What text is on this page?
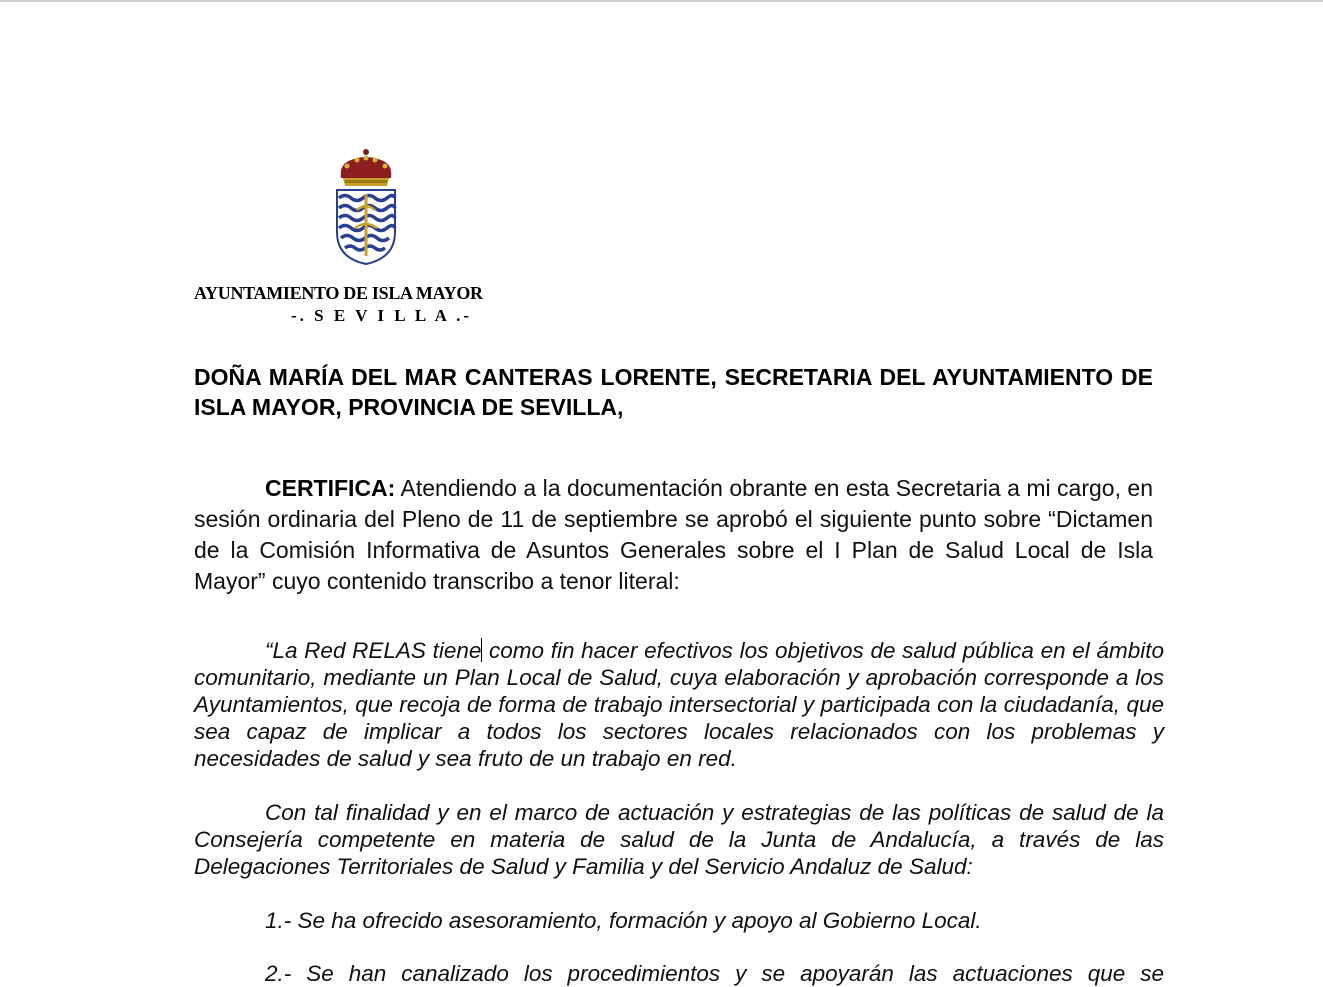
AYUNTAMIENTO DE ISLA MAYOR
-. S E V I L L A .-
DOÑA MARÍA DEL MAR CANTERAS LORENTE, SECRETARIA DEL AYUNTAMIENTO DE ISLA MAYOR, PROVINCIA DE SEVILLA,

CERTIFICA: Atendiendo a la documentación obrante en esta Secretaria a mi cargo, en sesión ordinaria del Pleno de 11 de septiembre se aprobó el siguiente punto sobre “Dictamen de la Comisión Informativa de Asuntos Generales sobre el I Plan de Salud Local de Isla Mayor” cuyo contenido transcribo a tenor literal:

“La Red RELAS tiene como fin hacer efectivos los objetivos de salud pública en el ámbito comunitario, mediante un Plan Local de Salud, cuya elaboración y aprobación corresponde a los Ayuntamientos, que recoja de forma de trabajo intersectorial y participada con la ciudadanía, que sea capaz de implicar a todos los sectores locales relacionados con los problemas y necesidades de salud y sea fruto de un trabajo en red.

Con tal finalidad y en el marco de actuación y estrategias de las políticas de salud de la Consejería competente en materia de salud de la Junta de Andalucía, a través de las Delegaciones Territoriales de Salud y Familia y del Servicio Andaluz de Salud:

1.- Se ha ofrecido asesoramiento, formación y apoyo al Gobierno Local.

2.- Se han canalizado los procedimientos y se apoyarán las actuaciones que se
